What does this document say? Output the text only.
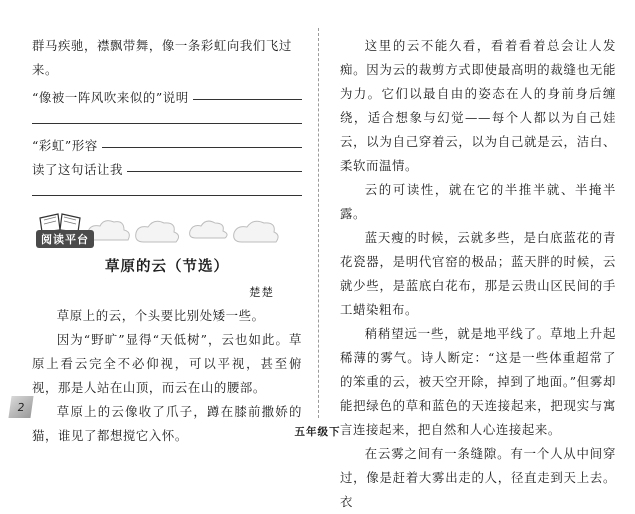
群马疾驰，襟飘带舞，像一条彩虹向我们飞过

来。

“像被一阵风吹来似的”说明
“彩虹”形容
读了这句话让我
阅读平台

草原的云（节选）

楚楚

草原上的云，个头要比别处矮一些。

因为“野旷”显得“天低树”，云也如此。草原上看云完全不必仰视，可以平视，甚至俯视，那是人站在山顶，而云在山的腰部。

草原上的云像收了爪子，蹲在膝前撒娇的猫，谁见了都想搅它入怀。

这里的云不能久看，看着看着总会让人发痴。因为云的裁剪方式即使最高明的裁缝也无能为力。它们以最自由的姿态在人的身前身后缠绕，适合想象与幻觉——每个人都以为自己娃云，以为自己穿着云，以为自己就是云，洁白、柔软而温情。

云的可读性，就在它的半推半就、半掩半露。

蓝天瘦的时候，云就多些，是白底蓝花的青花瓷器，是明代官窑的极品；蓝天胖的时候，云就少些，是蓝底白花布，那是云贵山区民间的手工蜡染粗布。

稍稍望远一些，就是地平线了。草地上升起稀薄的雾气。诗人断定：“这是一些体重超常了的笨重的云，被天空开除，掉到了地面。”但雾却能把绿色的草和蓝色的天连接起来，把现实与寓言连接起来，把自然和人心连接起来。

在云雾之间有一条缝隙。有一个人从中间穿过，像是赶着大雾出走的人，径直走到天上去。衣

2
五年级下
